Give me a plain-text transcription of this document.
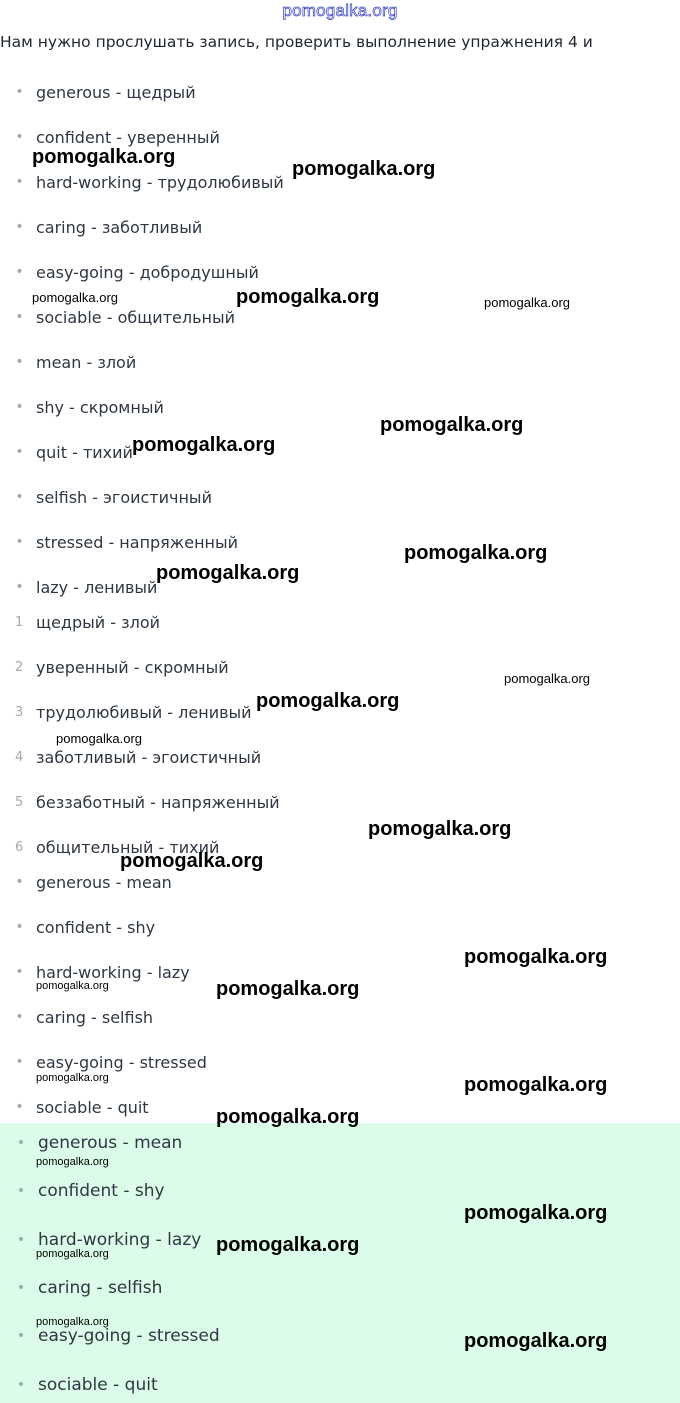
pomogalka.org
Нам нужно прослушать запись, проверить выполнение упражнения 4 и
• generous - щедрый
• confident - уверенный
• hard-working - трудолюбивый
• caring - заботливый
• easy-going - добродушный
• sociable - общительный
• mean - злой
• shy - скромный
• quit - тихий
• selfish - эгоистичный
• stressed - напряженный
• lazy - ленивый
1 щедрый - злой
2 уверенный - скромный
3 трудолюбивый - ленивый
4 заботливый - эгоистичный
5 беззаботный - напряженный
6 общительный - тихий
• generous - mean
• confident - shy
• hard-working - lazy
• caring - selfish
• easy-going - stressed
• sociable - quit
• generous - mean
• confident - shy
• hard-working - lazy
• caring - selfish
• easy-going - stressed
• sociable - quit
pomogalka.org
pomogalka.org
pomogalka.org	pomogalka.org	pomogalka.org
pomogalka.org
pomogalka.org
pomogalka.org
pomogalka.org
pomogalka.org
pomogalka.org
pomogalka.org
pomogalka.org
pomogalka.org
pomogalka.org
pomogalka.org	pomogalka.org
pomogalka.org	pomogalka.org
pomogalka.org
pomogalka.org
pomogalka.org
pomogalka.org
pomogalka.org
pomogalka.org
pomogalka.org
